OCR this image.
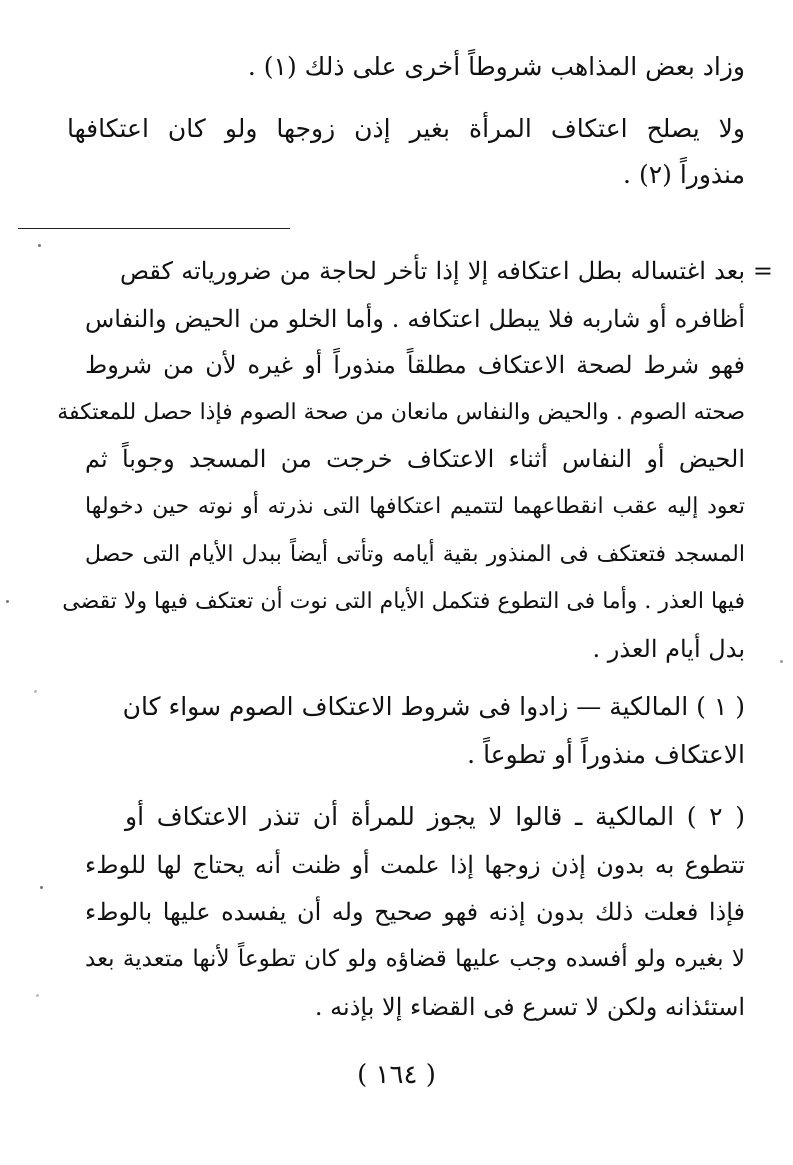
وزاد بعض المذاهب شروطاً أخرى على ذلك (١) .
ولا يصلح اعتكاف المرأة بغير إذن زوجها ولو كان اعتكافها
منذوراً (٢) .
=
بعد اغتساله بطل اعتكافه إلا إذا تأخر لحاجة من ضرورياته كقص
أظافره أو شاربه فلا يبطل اعتكافه . وأما الخلو من الحيض والنفاس
فهو شرط لصحة الاعتكاف مطلقاً منذوراً أو غيره لأن من شروط
صحته الصوم . والحيض والنفاس مانعان من صحة الصوم فإذا حصل للمعتكفة
الحيض أو النفاس أثناء الاعتكاف خرجت من المسجد وجوباً ثم
تعود إليه عقب انقطاعهما لتتميم اعتكافها التى نذرته أو نوته حين دخولها
المسجد فتعتكف فى المنذور بقية أيامه وتأتى أيضاً ببدل الأيام التى حصل
فيها العذر . وأما فى التطوع فتكمل الأيام التى نوت أن تعتكف فيها ولا تقضى
بدل أيام العذر .
( ١ ) المالكية — زادوا فى شروط الاعتكاف الصوم سواء كان
الاعتكاف منذوراً أو تطوعاً .
( ٢ ) المالكية ـ قالوا لا يجوز للمرأة أن تنذر الاعتكاف أو
تتطوع به بدون إذن زوجها إذا علمت أو ظنت أنه يحتاج لها للوطء
فإذا فعلت ذلك بدون إذنه فهو صحيح وله أن يفسده عليها بالوطء
لا بغيره ولو أفسده وجب عليها قضاؤه ولو كان تطوعاً لأنها متعدية بعد
استئذانه ولكن لا تسرع فى القضاء إلا بإذنه .
( ١٦٤ )
